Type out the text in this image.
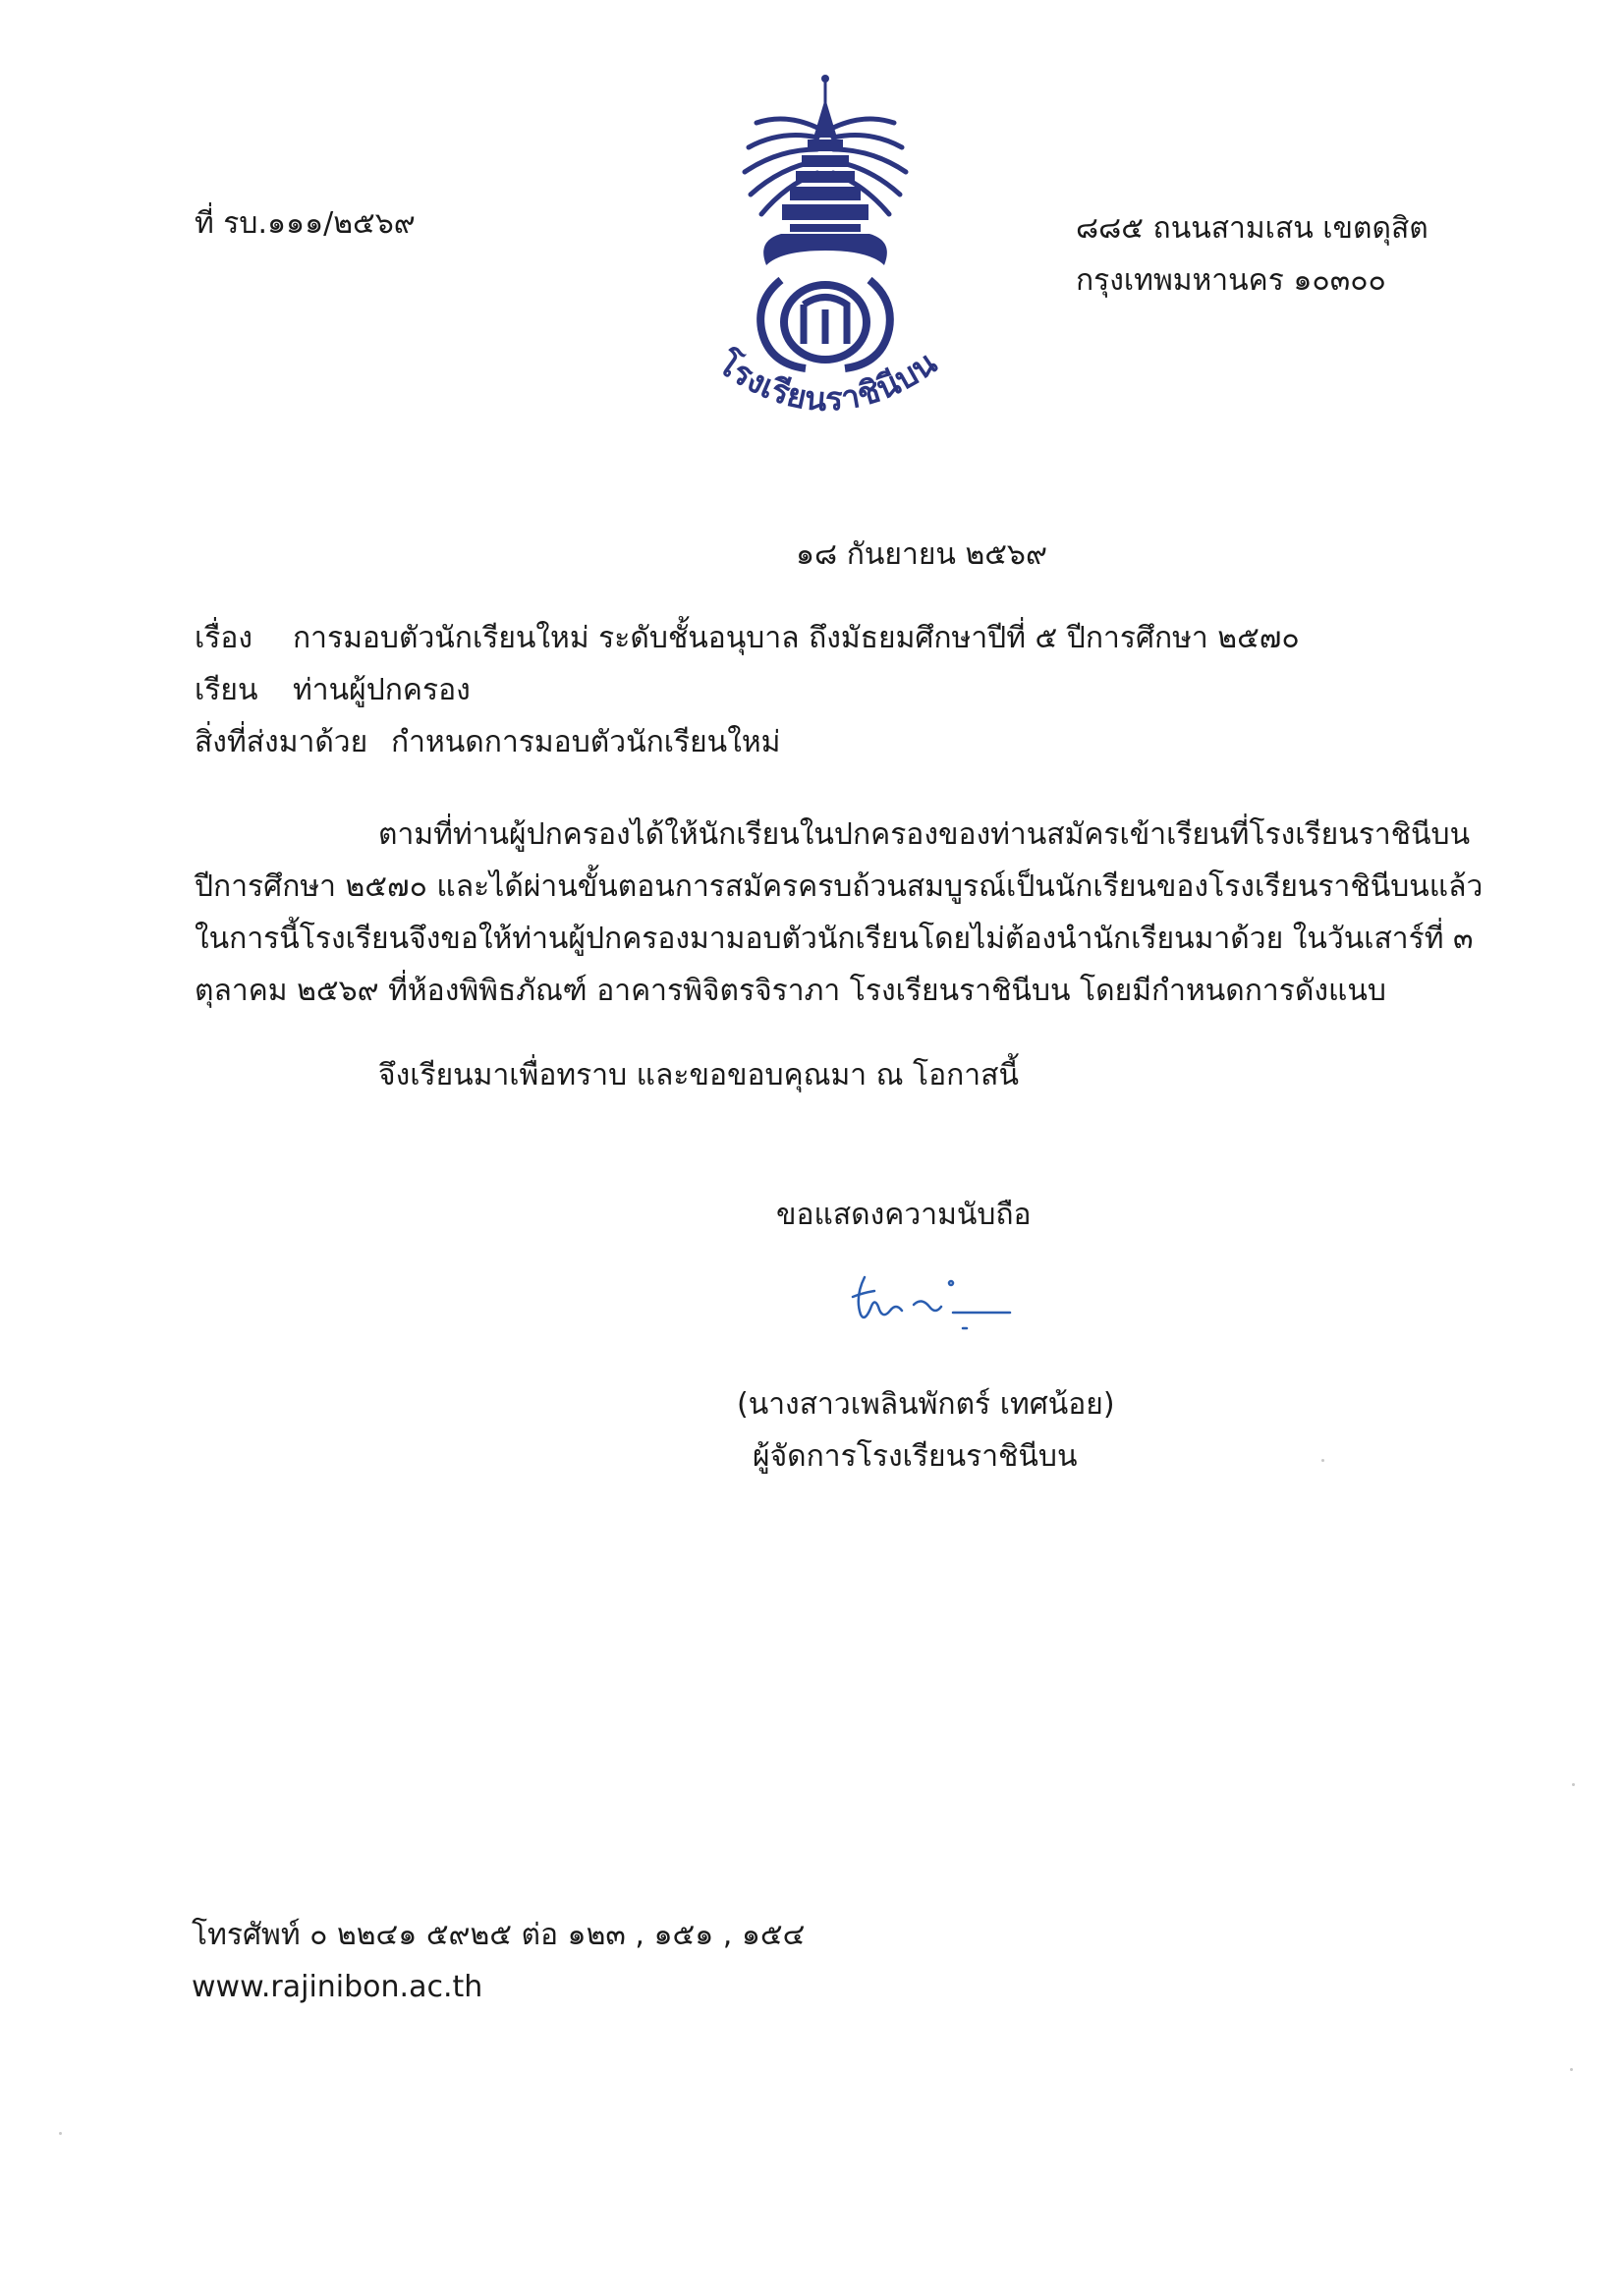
ที่ รบ.๑๑๑/๒๕๖๙	๘๘๕ ถนนสามเสน เขตดุสิต
กรุงเทพมหานคร ๑๐๓๐๐
โรงเรียนราชินีบน
๑๘ กันยายน ๒๕๖๙
เรื่อง การมอบตัวนักเรียนใหม่ ระดับชั้นอนุบาล ถึงมัธยมศึกษาปีที่ ๕ ปีการศึกษา ๒๕๗๐
เรียน ท่านผู้ปกครอง
สิ่งที่ส่งมาด้วย กำหนดการมอบตัวนักเรียนใหม่
ตามที่ท่านผู้ปกครองได้ให้นักเรียนในปกครองของท่านสมัครเข้าเรียนที่โรงเรียนราชินีบน
ปีการศึกษา ๒๕๗๐ และได้ผ่านขั้นตอนการสมัครครบถ้วนสมบูรณ์เป็นนักเรียนของโรงเรียนราชินีบนแล้ว
ในการนี้โรงเรียนจึงขอให้ท่านผู้ปกครองมามอบตัวนักเรียนโดยไม่ต้องนำนักเรียนมาด้วย ในวันเสาร์ที่ ๓
ตุลาคม ๒๕๖๙ ที่ห้องพิพิธภัณฑ์ อาคารพิจิตรจิราภา โรงเรียนราชินีบน โดยมีกำหนดการดังแนบ
จึงเรียนมาเพื่อทราบ และขอขอบคุณมา ณ โอกาสนี้
ขอแสดงความนับถือ
(นางสาวเพลินพักตร์ เทศน้อย)
ผู้จัดการโรงเรียนราชินีบน
โทรศัพท์ ๐ ๒๒๔๑ ๕๙๒๕ ต่อ ๑๒๓ , ๑๕๑ , ๑๕๔
www.rajinibon.ac.th
